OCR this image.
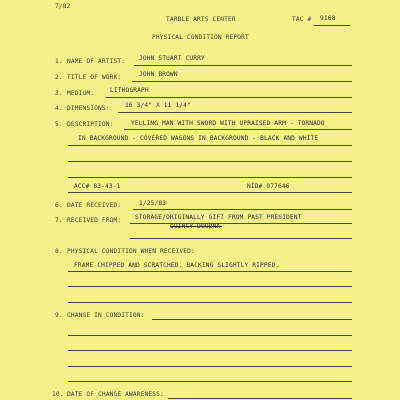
7/82
TARBLE ARTS CENTER	TAC # 9168
PHYSICAL CONDITION REPORT
1. NAME OF ARTIST: JOHN STUART CURRY
2. TITLE OF WORK:	JOHN BROWN
3. MEDIUM:	LITHOGRAPH
4. DIMENSIONS: 16 3/4" X 11 1/4"
5. DESCRIPTION:	YELLING MAN WITH SWORD WITH UPRAISED ARM - TORNADO
IN BACKGROUND - COVERED WAGONS IN BACKGROUND - BLACK AND WHITE
ACC# 83-43-1	NID# 077646
6. DATE RECEIVED:	1/25/83
7. RECEIVED FROM: STORAGE/ORIGINALLY GIFT FROM PAST PRESIDENT
QUINCY DOUDNA
8. PHYSICAL CONDITION WHEN RECEIVED:
FRAME CHIPPED AND SCRATCHED. BACKING SLIGHTLY RIPPED.
9. CHANGE IN CONDITION:
10. DATE OF CHANGE AWARENESS:
